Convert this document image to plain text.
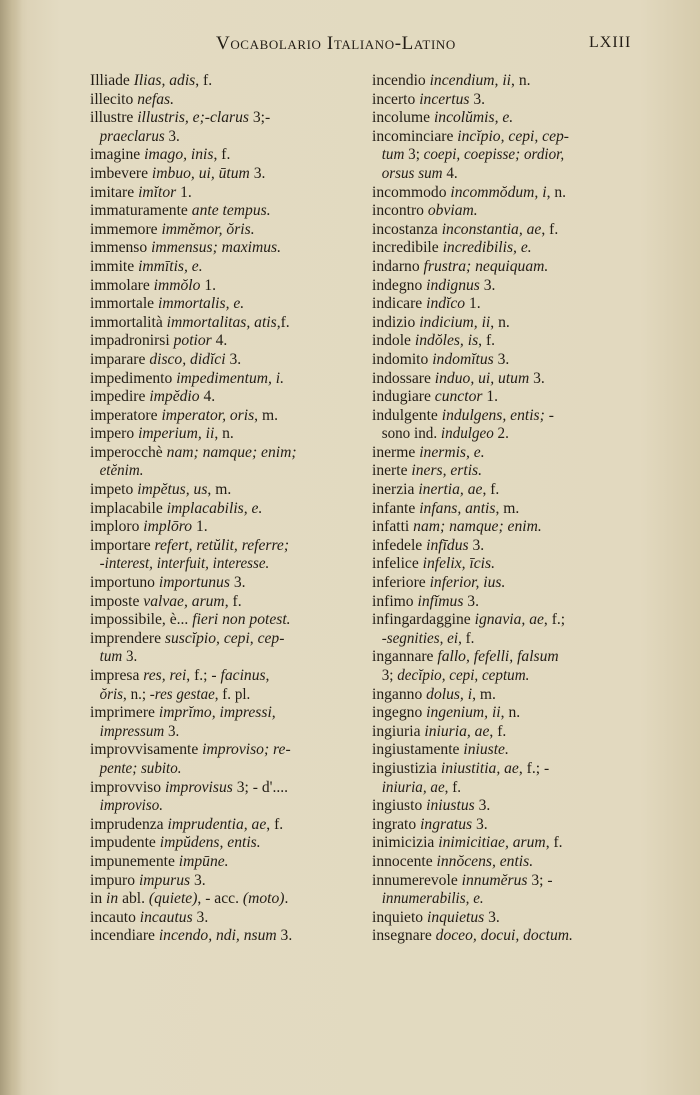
Vocabolario Italiano-Latino	LXIII
Illiade Ilias, adis, f.
illecito nefas.
illustre illustris, e;-clarus 3;-
praeclarus 3.
imagine imago, inis, f.
imbevere imbuo, ui, ūtum 3.
imitare imĭtor 1.
immaturamente ante tempus.
immemore immĕmor, ŏris.
immenso immensus; maximus.
immite immītis, e.
immolare immŏlo 1.
immortale immortalis, e.
immortalità immortalitas, atis,f.
impadronirsi potior 4.
imparare disco, didĭci 3.
impedimento impedimentum, i.
impedire impĕdio 4.
imperatore imperator, oris, m.
impero imperium, ii, n.
imperocchè nam; namque; enim;
etĕnim.
impeto impĕtus, us, m.
implacabile implacabilis, e.
imploro implōro 1.
importare refert, retŭlit, referre;
-interest, interfuit, interesse.
importuno importunus 3.
imposte valvae, arum, f.
impossibile, è... fieri non potest.
imprendere suscĭpio, cepi, cep-
tum 3.
impresa res, rei, f.; - facinus,
ŏris, n.; -res gestae, f. pl.
imprimere imprĭmo, impressi,
impressum 3.
improvvisamente improviso; re-
pente; subito.
improvviso improvisus 3; - d'....
improviso.
imprudenza imprudentia, ae, f.
impudente impŭdens, entis.
impunemente impūne.
impuro impurus 3.
in in abl. (quiete), - acc. (moto).
incauto incautus 3.
incendiare incendo, ndi, nsum 3.
incendio incendium, ii, n.
incerto incertus 3.
incolume incolŭmis, e.
incominciare incĭpio, cepi, cep-
tum 3; coepi, coepisse; ordior,
orsus sum 4.
incommodo incommŏdum, i, n.
incontro obviam.
incostanza inconstantia, ae, f.
incredibile incredibilis, e.
indarno frustra; nequiquam.
indegno indignus 3.
indicare indĭco 1.
indizio indicium, ii, n.
indole indŏles, is, f.
indomito indomĭtus 3.
indossare induo, ui, utum 3.
indugiare cunctor 1.
indulgente indulgens, entis; -
sono ind. indulgeo 2.
inerme inermis, e.
inerte iners, ertis.
inerzia inertia, ae, f.
infante infans, antis, m.
infatti nam; namque; enim.
infedele infīdus 3.
infelice infelix, īcis.
inferiore inferior, ius.
infimo infĭmus 3.
infingardaggine ignavia, ae, f.;
-segnities, ei, f.
ingannare fallo, fefelli, falsum
3; decĭpio, cepi, ceptum.
inganno dolus, i, m.
ingegno ingenium, ii, n.
ingiuria iniuria, ae, f.
ingiustamente iniuste.
ingiustizia iniustitia, ae, f.; -
iniuria, ae, f.
ingiusto iniustus 3.
ingrato ingratus 3.
inimicizia inimicitiae, arum, f.
innocente innŏcens, entis.
innumerevole innumĕrus 3; -
innumerabilis, e.
inquieto inquietus 3.
insegnare doceo, docui, doctum.
